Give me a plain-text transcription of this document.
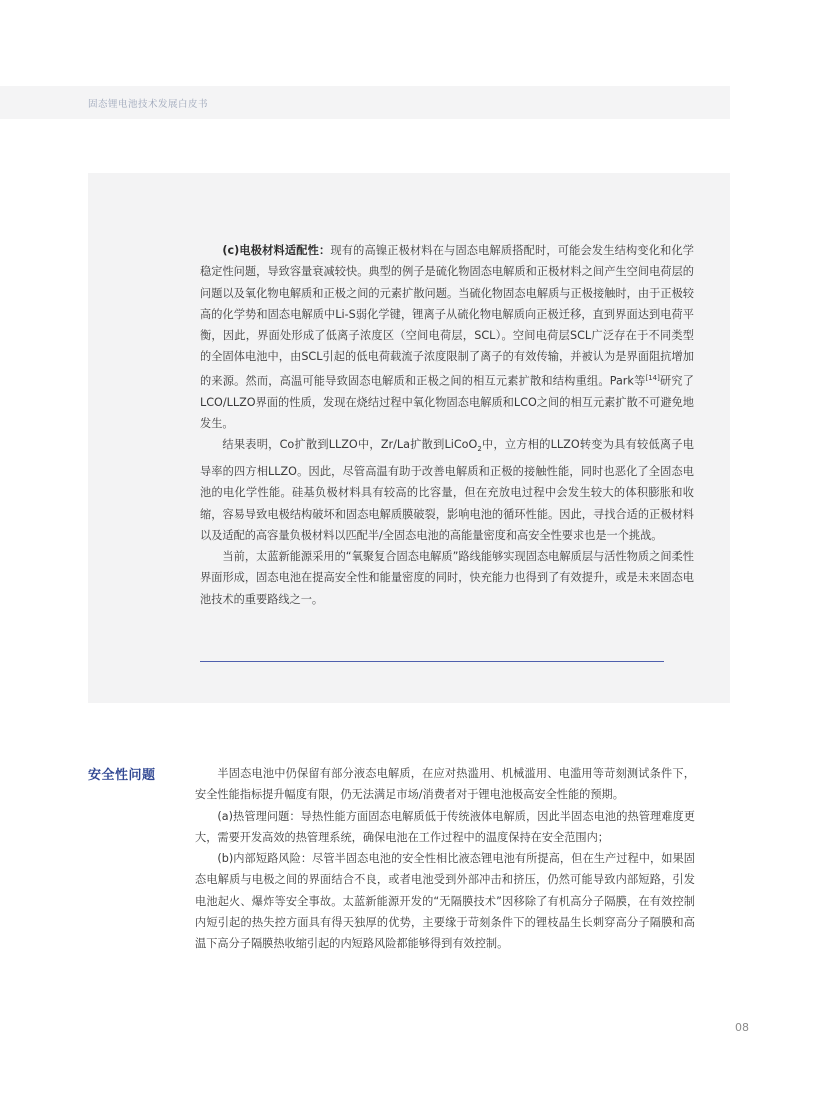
固态锂电池技术发展白皮书

(c)电极材料适配性：现有的高镍正极材料在与固态电解质搭配时，可能会发生结构变化和化学稳定性问题，导致容量衰减较快。典型的例子是硫化物固态电解质和正极材料之间产生空间电荷层的问题以及氧化物电解质和正极之间的元素扩散问题。当硫化物固态电解质与正极接触时，由于正极较高的化学势和固态电解质中Li-S弱化学键，锂离子从硫化物电解质向正极迁移，直到界面达到电荷平衡，因此，界面处形成了低离子浓度区（空间电荷层，SCL）。空间电荷层SCL广泛存在于不同类型的全固体电池中，由SCL引起的低电荷载流子浓度限制了离子的有效传输，并被认为是界面阻抗增加的来源。然而，高温可能导致固态电解质和正极之间的相互元素扩散和结构重组。Park等[14]研究了LCO/LLZO界面的性质，发现在烧结过程中氧化物固态电解质和LCO之间的相互元素扩散不可避免地发生。

结果表明，Co扩散到LLZO中，Zr/La扩散到LiCoO$_2$中，立方相的LLZO转变为具有较低离子电导率的四方相LLZO。因此，尽管高温有助于改善电解质和正极的接触性能，同时也恶化了全固态电池的电化学性能。硅基负极材料具有较高的比容量，但在充放电过程中会发生较大的体积膨胀和收缩，容易导致电极结构破坏和固态电解质膜破裂，影响电池的循环性能。因此，寻找合适的正极材料以及适配的高容量负极材料以匹配半/全固态电池的高能量密度和高安全性要求也是一个挑战。

当前，太蓝新能源采用的“氧聚复合固态电解质”路线能够实现固态电解质层与活性物质之间柔性界面形成，固态电池在提高安全性和能量密度的同时，快充能力也得到了有效提升，或是未来固态电池技术的重要路线之一。

安全性问题	半固态电池中仍保留有部分液态电解质，在应对热滥用、机械滥用、电滥用等苛刻测试条件下，安全性能指标提升幅度有限，仍无法满足市场/消费者对于锂电池极高安全性能的预期。

(a)热管理问题：导热性能方面固态电解质低于传统液体电解质，因此半固态电池的热管理难度更大，需要开发高效的热管理系统，确保电池在工作过程中的温度保持在安全范围内；

(b)内部短路风险：尽管半固态电池的安全性相比液态锂电池有所提高，但在生产过程中，如果固态电解质与电极之间的界面结合不良，或者电池受到外部冲击和挤压，仍然可能导致内部短路，引发电池起火、爆炸等安全事故。太蓝新能源开发的“无隔膜技术”因移除了有机高分子隔膜，在有效控制内短引起的热失控方面具有得天独厚的优势，主要缘于苛刻条件下的锂枝晶生长刺穿高分子隔膜和高温下高分子隔膜热收缩引起的内短路风险都能够得到有效控制。

08
